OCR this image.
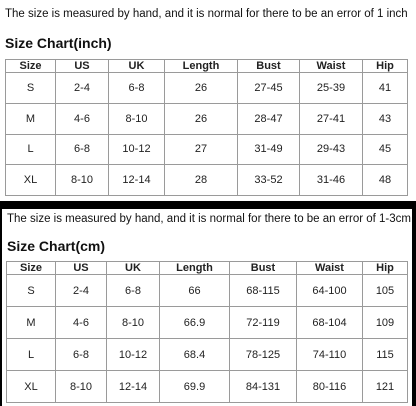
The size is measured by hand, and it is normal for there to be an error of 1 inch
Size Chart(inch)
Size	US	UK	Length	Bust	Waist	Hip
S	2-4	6-8	26	27-45	25-39	41
M	4-6	8-10	26	28-47	27-41	43
L	6-8	10-12	27	31-49	29-43	45
XL	8-10	12-14	28	33-52	31-46	48
The size is measured by hand, and it is normal for there to be an error of 1-3cm
Size Chart(cm)
Size	US	UK	Length	Bust	Waist	Hip
S	2-4	6-8	66	68-115	64-100	105
M	4-6	8-10	66.9	72-119	68-104	109
L	6-8	10-12	68.4	78-125	74-110	115
XL	8-10	12-14	69.9	84-131	80-116	121
